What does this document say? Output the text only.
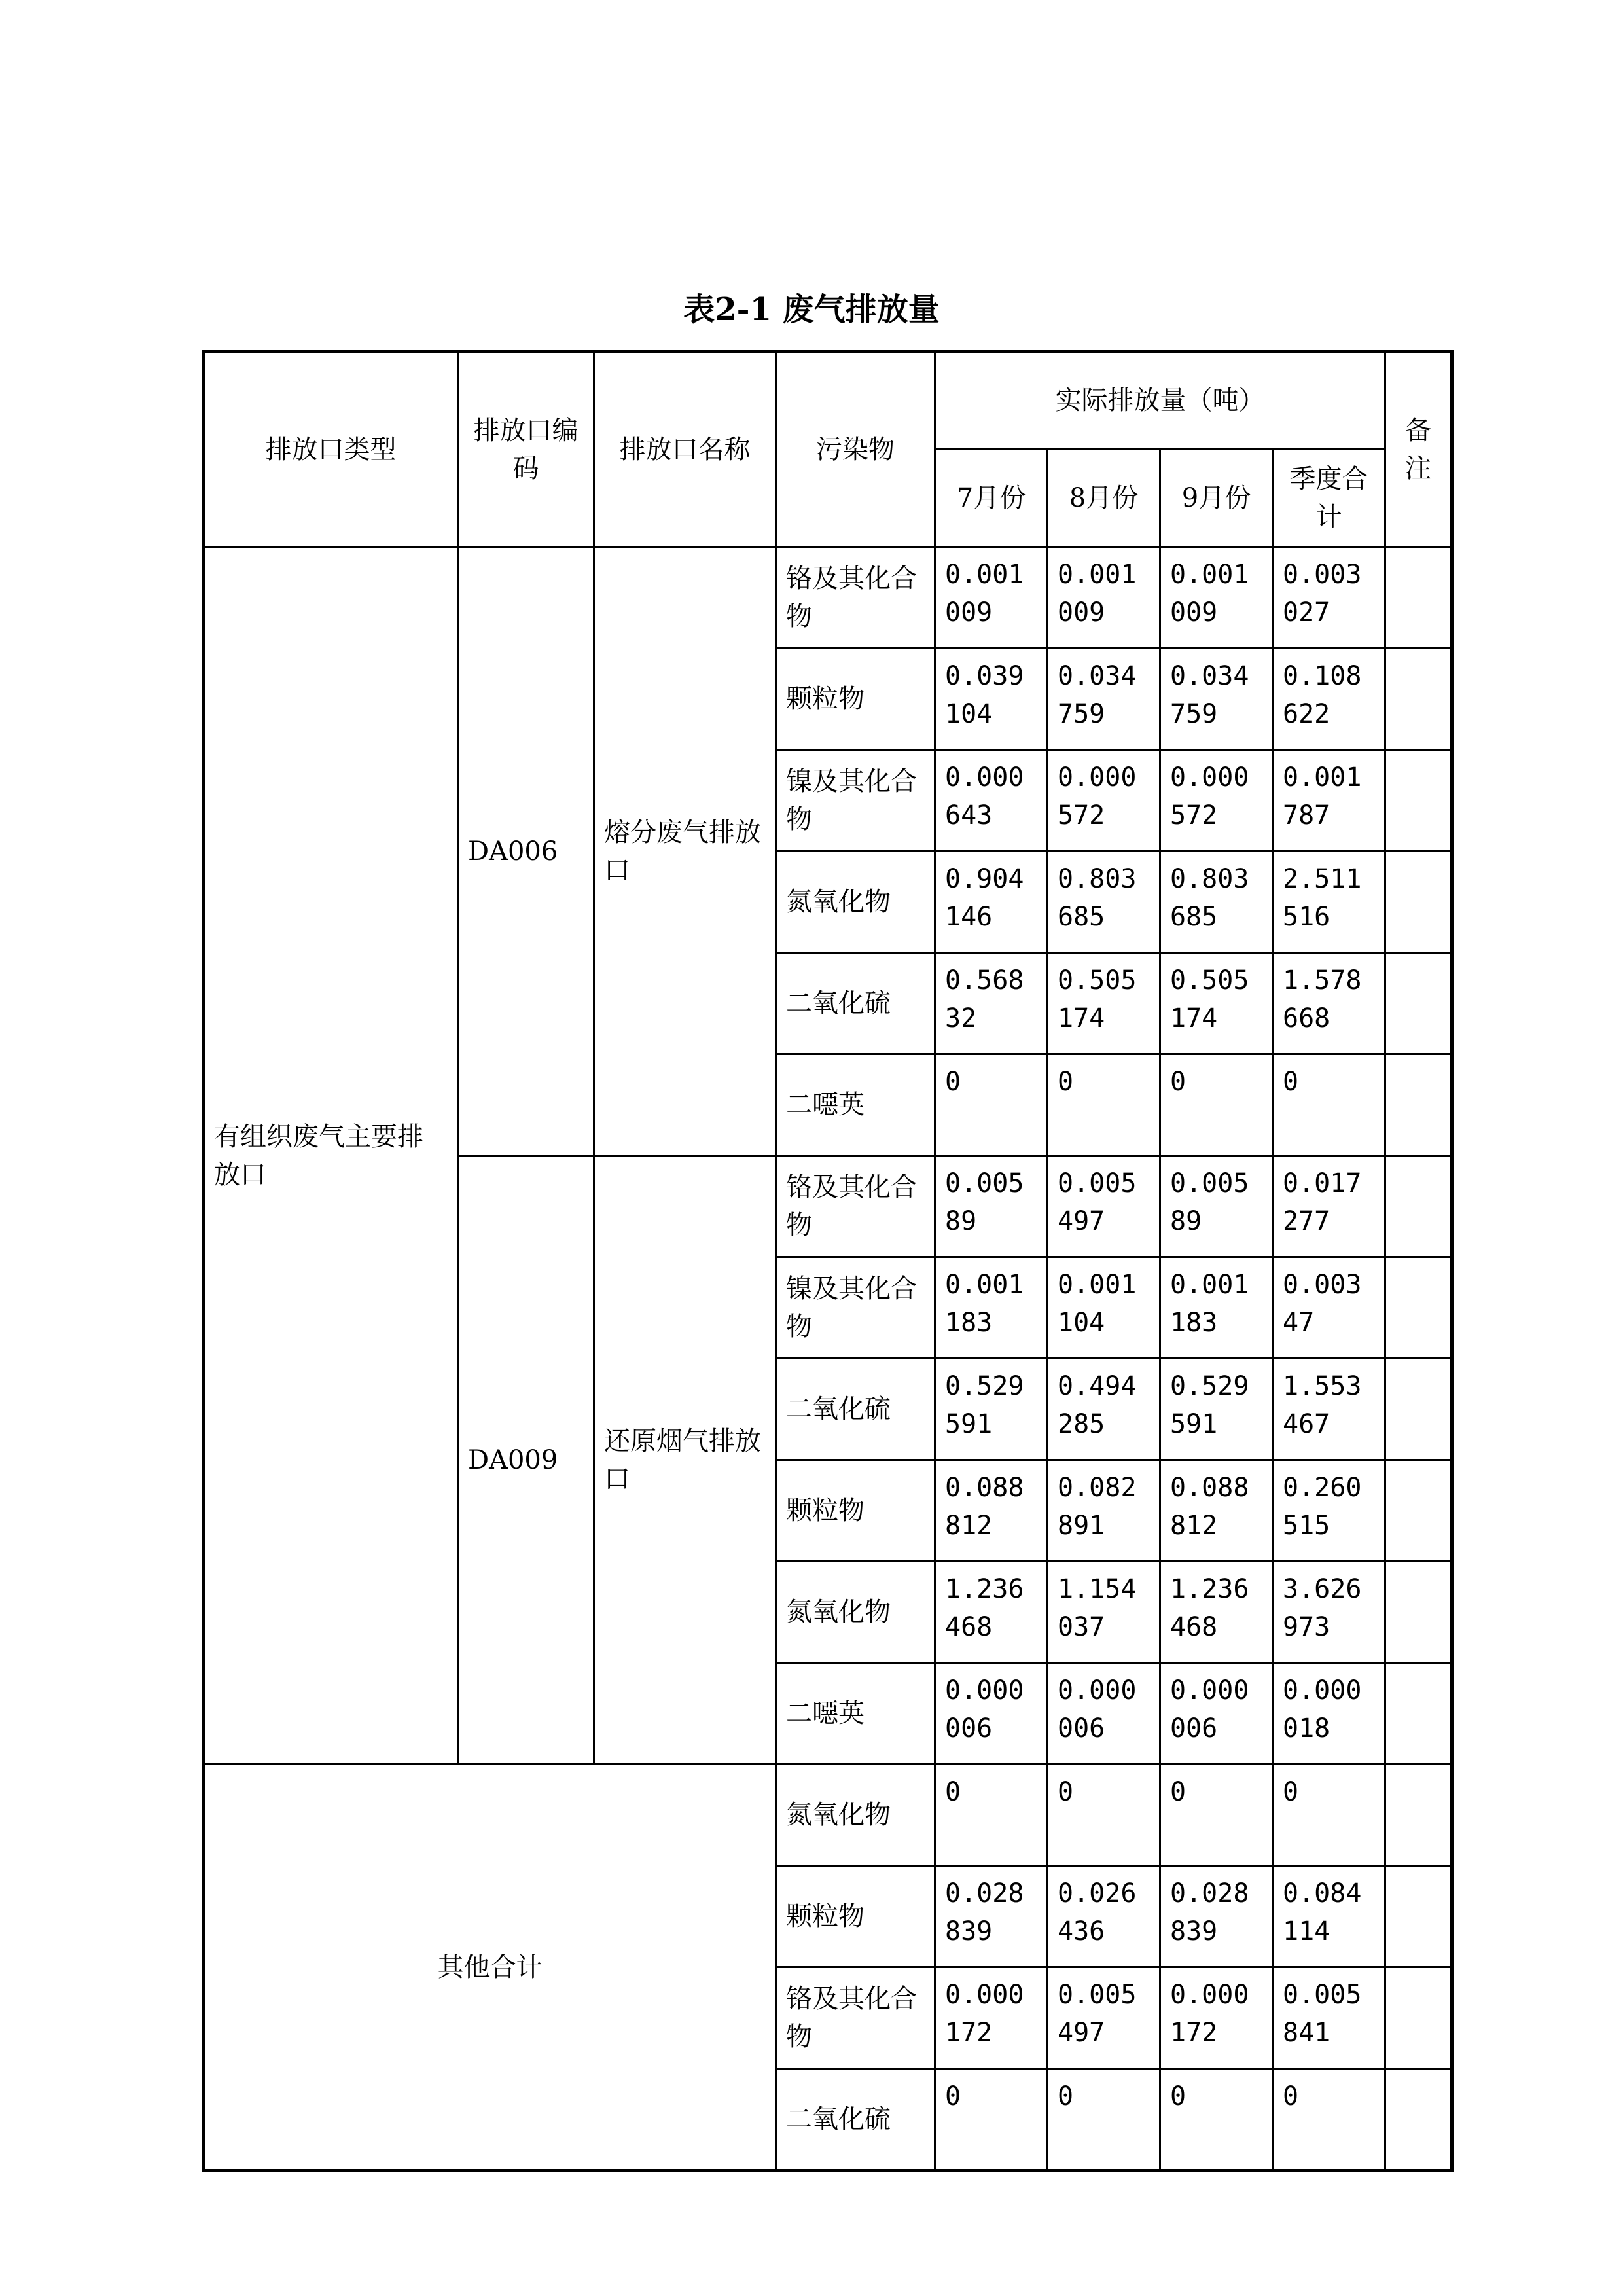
表2-1 废气排放量
排放口类型	排放口编码	排放口名称	污染物	实际排放量（吨）				备注
				7月份	8月份	9月份	季度合计	
有组织废气主要排放口	DA006	熔分废气排放口	铬及其化合物	0.001009	0.001009	0.001009	0.003027	
			颗粒物	0.039104	0.034759	0.034759	0.108622	
			镍及其化合物	0.000643	0.000572	0.000572	0.001787	
			氮氧化物	0.904146	0.803685	0.803685	2.511516	
			二氧化硫	0.56832	0.505174	0.505174	1.578668	
			二噁英	0	0	0	0	
	DA009	还原烟气排放口	铬及其化合物	0.00589	0.005497	0.00589	0.017277	
			镍及其化合物	0.001183	0.001104	0.001183	0.00347	
			二氧化硫	0.529591	0.494285	0.529591	1.553467	
			颗粒物	0.088812	0.082891	0.088812	0.260515	
			氮氧化物	1.236468	1.154037	1.236468	3.626973	
			二噁英	0.000006	0.000006	0.000006	0.000018	
其他合计			氮氧化物	0	0	0	0	
			颗粒物	0.028839	0.026436	0.028839	0.084114	
			铬及其化合物	0.000172	0.005497	0.000172	0.005841	
			二氧化硫	0	0	0	0	
